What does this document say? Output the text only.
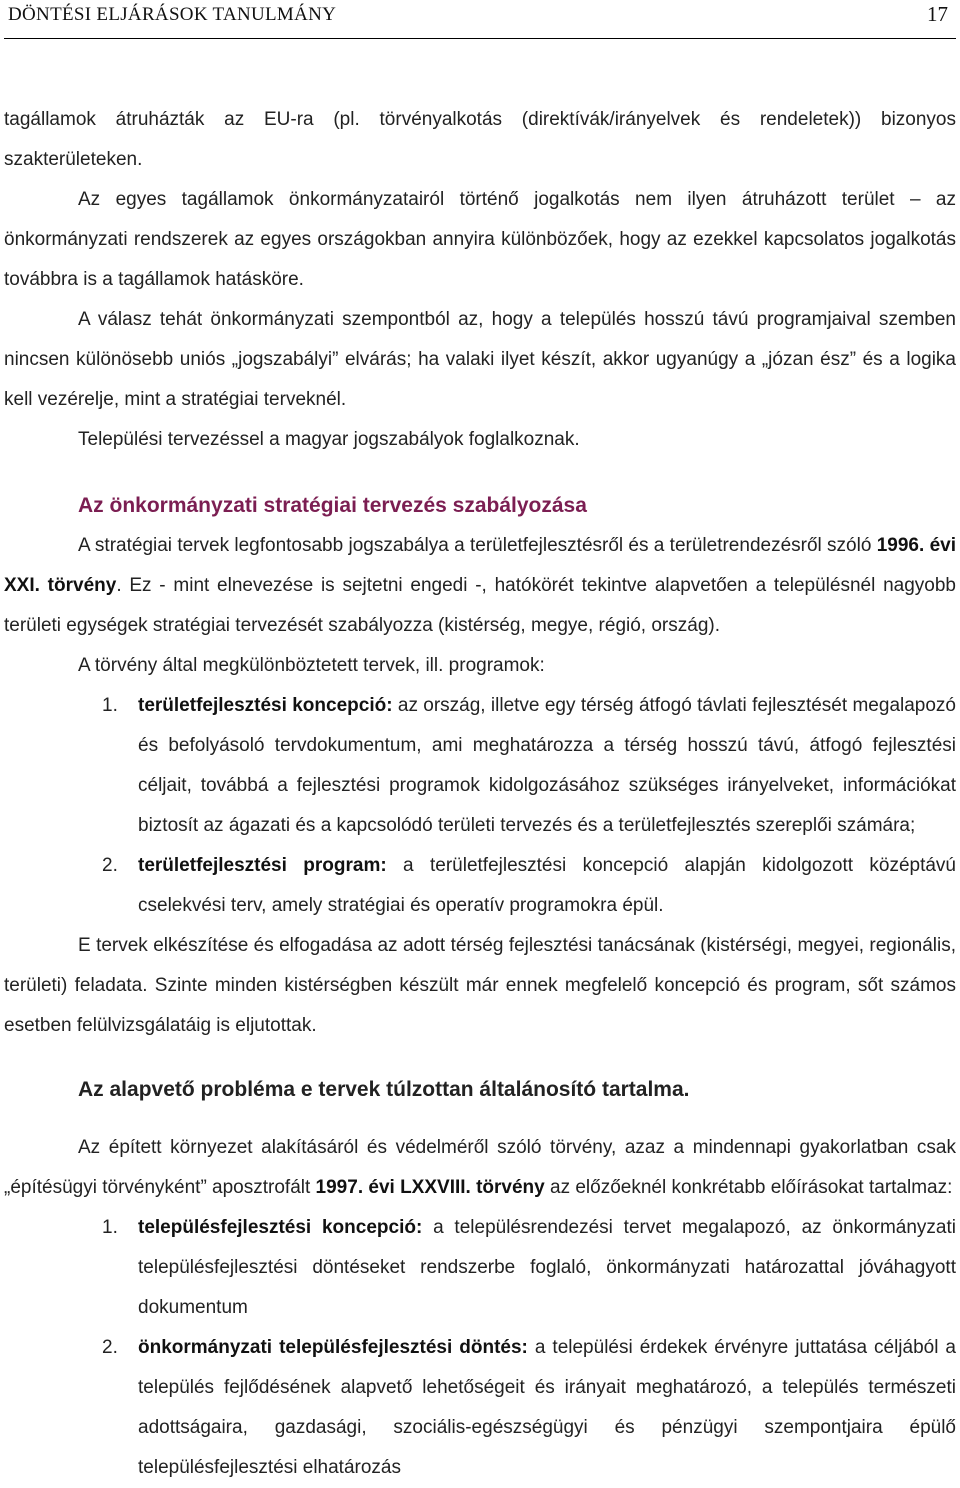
DÖNTÉSI ELJÁRÁSOK TANULMÁNY	17

tagállamok átruházták az EU-ra (pl. törvényalkotás (direktívák/irányelvek és rendeletek)) bizonyos szakterületeken.

Az egyes tagállamok önkormányzatairól történő jogalkotás nem ilyen átruházott terület – az önkormányzati rendszerek az egyes országokban annyira különbözőek, hogy az ezekkel kapcsolatos jogalkotás továbbra is a tagállamok hatásköre.

A válasz tehát önkormányzati szempontból az, hogy a település hosszú távú programjaival szemben nincsen különösebb uniós „jogszabályi” elvárás; ha valaki ilyet készít, akkor ugyanúgy a „józan ész” és a logika kell vezérelje, mint a stratégiai terveknél.

Települési tervezéssel a magyar jogszabályok foglalkoznak.

Az önkormányzati stratégiai tervezés szabályozása

A stratégiai tervek legfontosabb jogszabálya a területfejlesztésről és a területrendezésről szóló 1996. évi XXI. törvény. Ez - mint elnevezése is sejtetni engedi -, hatókörét tekintve alapvetően a településnél nagyobb területi egységek stratégiai tervezését szabályozza (kistérség, megye, régió, ország).

A törvény által megkülönböztetett tervek, ill. programok:

1. területfejlesztési koncepció: az ország, illetve egy térség átfogó távlati fejlesztését megalapozó és befolyásoló tervdokumentum, ami meghatározza a térség hosszú távú, átfogó fejlesztési céljait, továbbá a fejlesztési programok kidolgozásához szükséges irányelveket, információkat biztosít az ágazati és a kapcsolódó területi tervezés és a területfejlesztés szereplői számára;
2. területfejlesztési program: a területfejlesztési koncepció alapján kidolgozott középtávú cselekvési terv, amely stratégiai és operatív programokra épül.

E tervek elkészítése és elfogadása az adott térség fejlesztési tanácsának (kistérségi, megyei, regionális, területi) feladata. Szinte minden kistérségben készült már ennek megfelelő koncepció és program, sőt számos esetben felülvizsgálatáig is eljutottak.

Az alapvető probléma e tervek túlzottan általánosító tartalma.

Az épített környezet alakításáról és védelméről szóló törvény, azaz a mindennapi gyakorlatban csak „építésügyi törvényként” aposztrofált 1997. évi LXXVIII. törvény az előzőeknél konkrétabb előírásokat tartalmaz:

1. településfejlesztési koncepció: a településrendezési tervet megalapozó, az önkormányzati településfejlesztési döntéseket rendszerbe foglaló, önkormányzati határozattal jóváhagyott dokumentum
2. önkormányzati településfejlesztési döntés: a települési érdekek érvényre juttatása céljából a település fejlődésének alapvető lehetőségeit és irányait meghatározó, a település természeti adottságaira, gazdasági, szociális-egészségügyi és pénzügyi szempontjaira épülő településfejlesztési elhatározás
